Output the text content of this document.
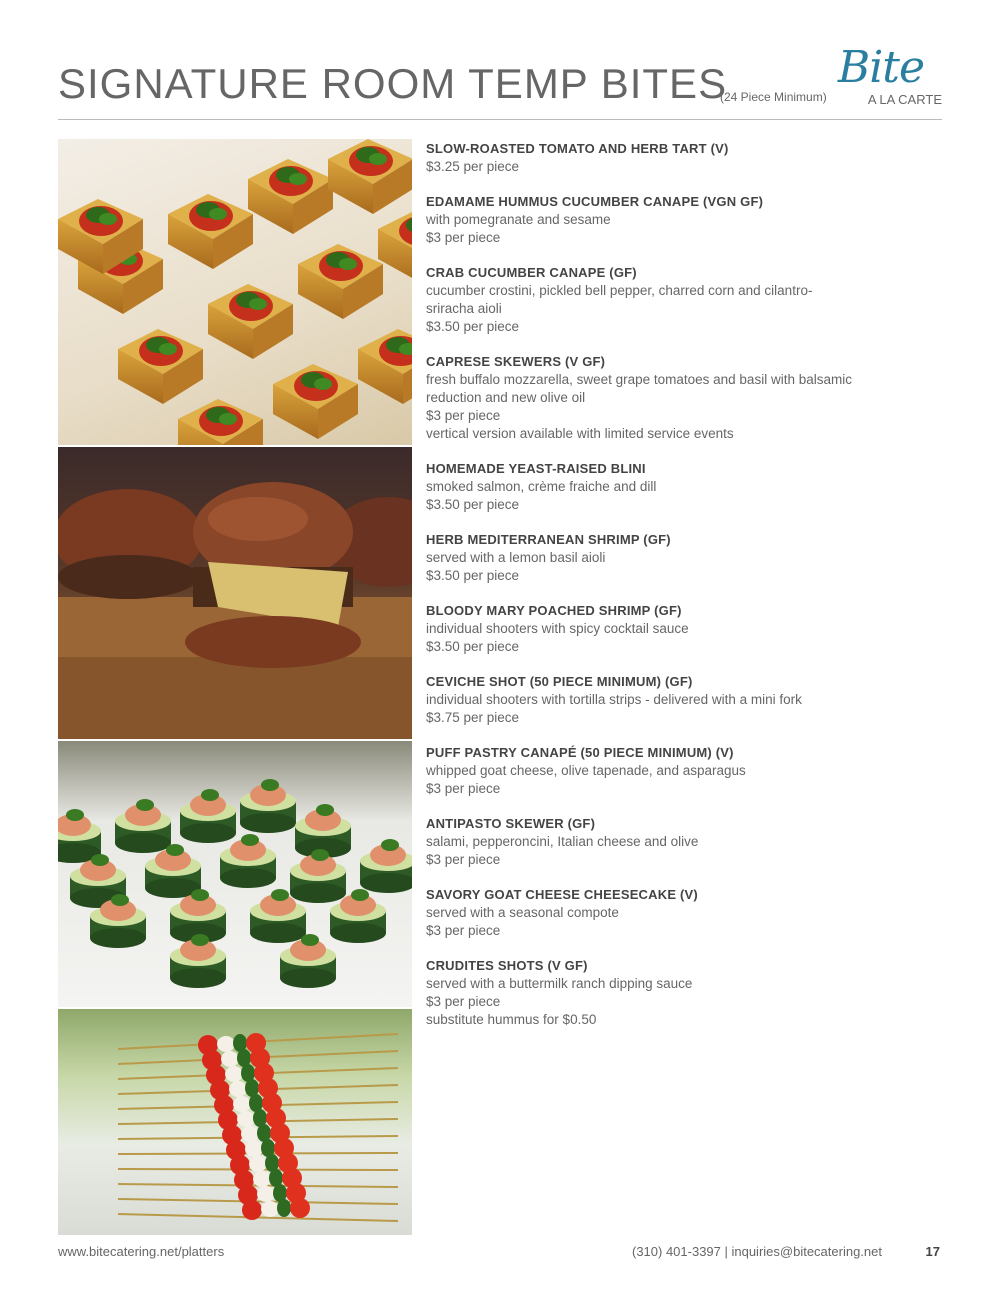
SIGNATURE ROOM TEMP BITES
(24 Piece Minimum)
Bite
A LA CARTE
SLOW-ROASTED TOMATO AND HERB TART (V)
$3.25 per piece
EDAMAME HUMMUS CUCUMBER CANAPE (VGN GF)
with pomegranate and sesame
$3 per piece
CRAB CUCUMBER CANAPE (GF)
cucumber crostini, pickled bell pepper, charred corn and cilantro-
sriracha aioli
$3.50 per piece
CAPRESE SKEWERS (V GF)
fresh buffalo mozzarella, sweet grape tomatoes and basil with balsamic
reduction and new olive oil
$3 per piece
vertical version available with limited service events
HOMEMADE YEAST-RAISED BLINI
smoked salmon, crème fraiche and dill
$3.50 per piece
HERB MEDITERRANEAN SHRIMP (GF)
served with a lemon basil aioli
$3.50 per piece
BLOODY MARY POACHED SHRIMP (GF)
individual shooters with spicy cocktail sauce
$3.50 per piece
CEVICHE SHOT (50 PIECE MINIMUM) (GF)
individual shooters with tortilla strips - delivered with a mini fork
$3.75 per piece
PUFF PASTRY CANAPÉ (50 PIECE MINIMUM) (V)
whipped goat cheese, olive tapenade, and asparagus
$3 per piece
ANTIPASTO SKEWER (GF)
salami, pepperoncini, Italian cheese and olive
$3 per piece
SAVORY GOAT CHEESE CHEESECAKE (V)
served with a seasonal compote
$3 per piece
CRUDITES SHOTS (V GF)
served with a buttermilk ranch dipping sauce
$3 per piece
substitute hummus for $0.50
www.bitecatering.net/platters	(310) 401-3397 | inquiries@bitecatering.net	17
